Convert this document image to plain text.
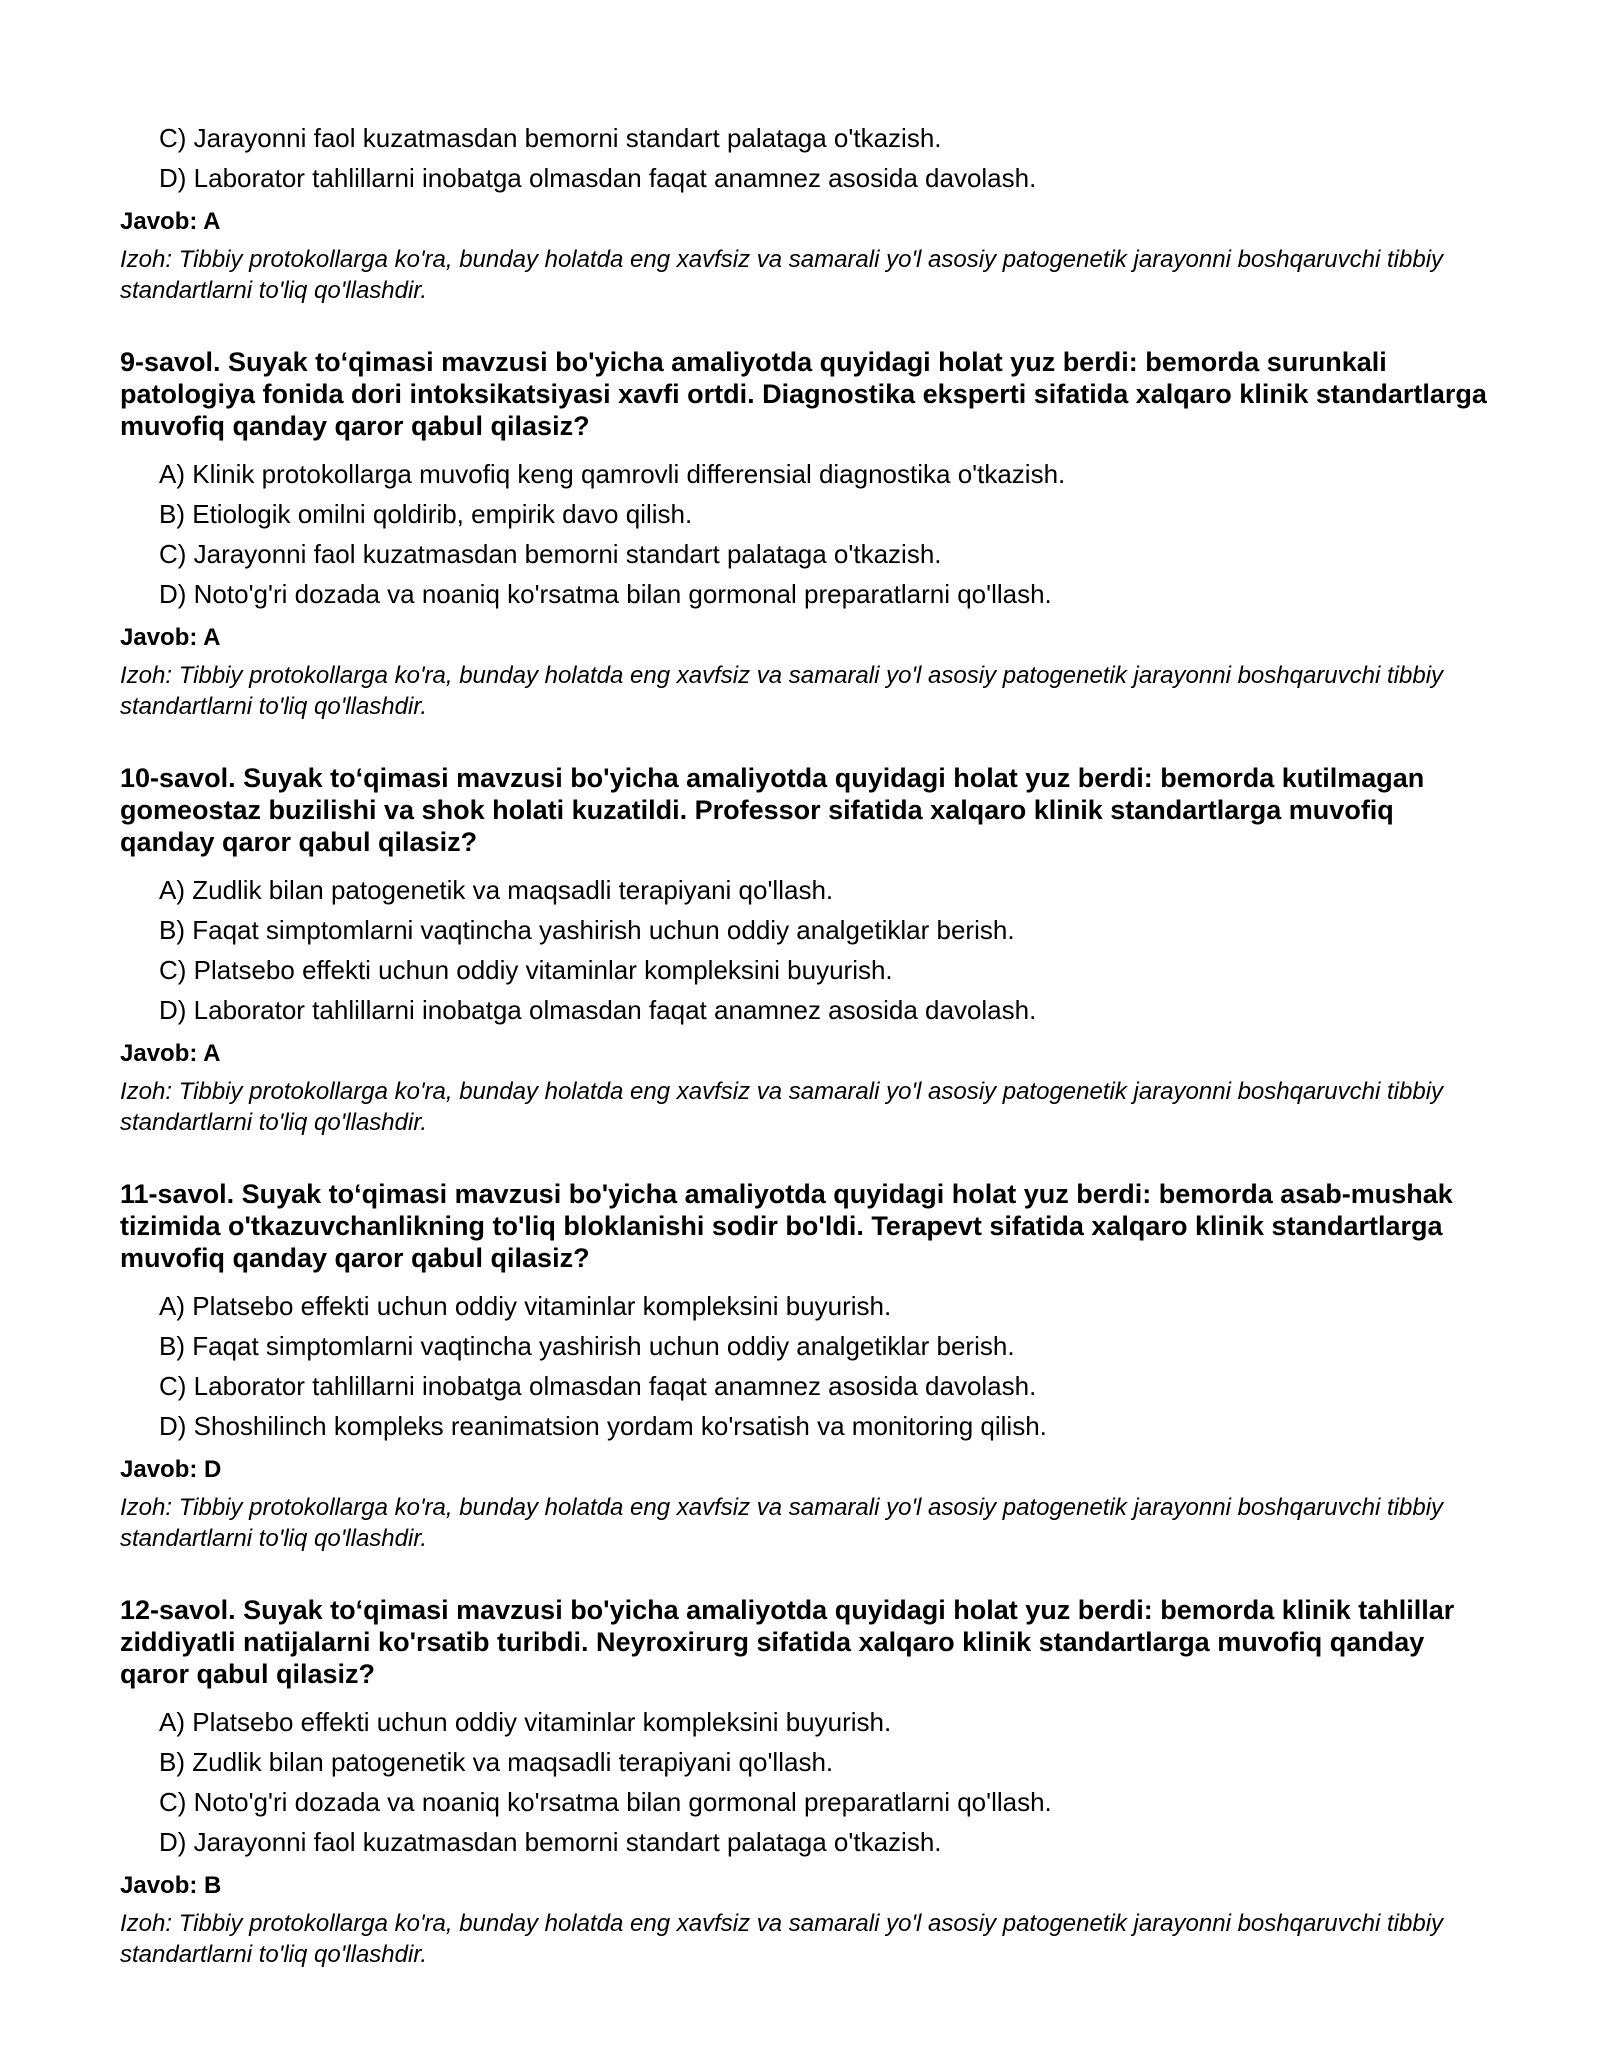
C) Jarayonni faol kuzatmasdan bemorni standart palataga o'tkazish.
D) Laborator tahlillarni inobatga olmasdan faqat anamnez asosida davolash.
Javob: A
Izoh: Tibbiy protokollarga ko'ra, bunday holatda eng xavfsiz va samarali yo'l asosiy patogenetik jarayonni boshqaruvchi tibbiy standartlarni to'liq qo'llashdir.
9-savol. Suyak to‘qimasi mavzusi bo'yicha amaliyotda quyidagi holat yuz berdi: bemorda surunkali patologiya fonida dori intoksikatsiyasi xavfi ortdi. Diagnostika eksperti sifatida xalqaro klinik standartlarga muvofiq qanday qaror qabul qilasiz?
A) Klinik protokollarga muvofiq keng qamrovli differensial diagnostika o'tkazish.
B) Etiologik omilni qoldirib, empirik davo qilish.
C) Jarayonni faol kuzatmasdan bemorni standart palataga o'tkazish.
D) Noto'g'ri dozada va noaniq ko'rsatma bilan gormonal preparatlarni qo'llash.
Javob: A
Izoh: Tibbiy protokollarga ko'ra, bunday holatda eng xavfsiz va samarali yo'l asosiy patogenetik jarayonni boshqaruvchi tibbiy standartlarni to'liq qo'llashdir.
10-savol. Suyak to‘qimasi mavzusi bo'yicha amaliyotda quyidagi holat yuz berdi: bemorda kutilmagan gomeostaz buzilishi va shok holati kuzatildi. Professor sifatida xalqaro klinik standartlarga muvofiq qanday qaror qabul qilasiz?
A) Zudlik bilan patogenetik va maqsadli terapiyani qo'llash.
B) Faqat simptomlarni vaqtincha yashirish uchun oddiy analgetiklar berish.
C) Platsebo effekti uchun oddiy vitaminlar kompleksini buyurish.
D) Laborator tahlillarni inobatga olmasdan faqat anamnez asosida davolash.
Javob: A
Izoh: Tibbiy protokollarga ko'ra, bunday holatda eng xavfsiz va samarali yo'l asosiy patogenetik jarayonni boshqaruvchi tibbiy standartlarni to'liq qo'llashdir.
11-savol. Suyak to‘qimasi mavzusi bo'yicha amaliyotda quyidagi holat yuz berdi: bemorda asab-mushak tizimida o'tkazuvchanlikning to'liq bloklanishi sodir bo'ldi. Terapevt sifatida xalqaro klinik standartlarga muvofiq qanday qaror qabul qilasiz?
A) Platsebo effekti uchun oddiy vitaminlar kompleksini buyurish.
B) Faqat simptomlarni vaqtincha yashirish uchun oddiy analgetiklar berish.
C) Laborator tahlillarni inobatga olmasdan faqat anamnez asosida davolash.
D) Shoshilinch kompleks reanimatsion yordam ko'rsatish va monitoring qilish.
Javob: D
Izoh: Tibbiy protokollarga ko'ra, bunday holatda eng xavfsiz va samarali yo'l asosiy patogenetik jarayonni boshqaruvchi tibbiy standartlarni to'liq qo'llashdir.
12-savol. Suyak to‘qimasi mavzusi bo'yicha amaliyotda quyidagi holat yuz berdi: bemorda klinik tahlillar ziddiyatli natijalarni ko'rsatib turibdi. Neyroxirurg sifatida xalqaro klinik standartlarga muvofiq qanday qaror qabul qilasiz?
A) Platsebo effekti uchun oddiy vitaminlar kompleksini buyurish.
B) Zudlik bilan patogenetik va maqsadli terapiyani qo'llash.
C) Noto'g'ri dozada va noaniq ko'rsatma bilan gormonal preparatlarni qo'llash.
D) Jarayonni faol kuzatmasdan bemorni standart palataga o'tkazish.
Javob: B
Izoh: Tibbiy protokollarga ko'ra, bunday holatda eng xavfsiz va samarali yo'l asosiy patogenetik jarayonni boshqaruvchi tibbiy standartlarni to'liq qo'llashdir.
